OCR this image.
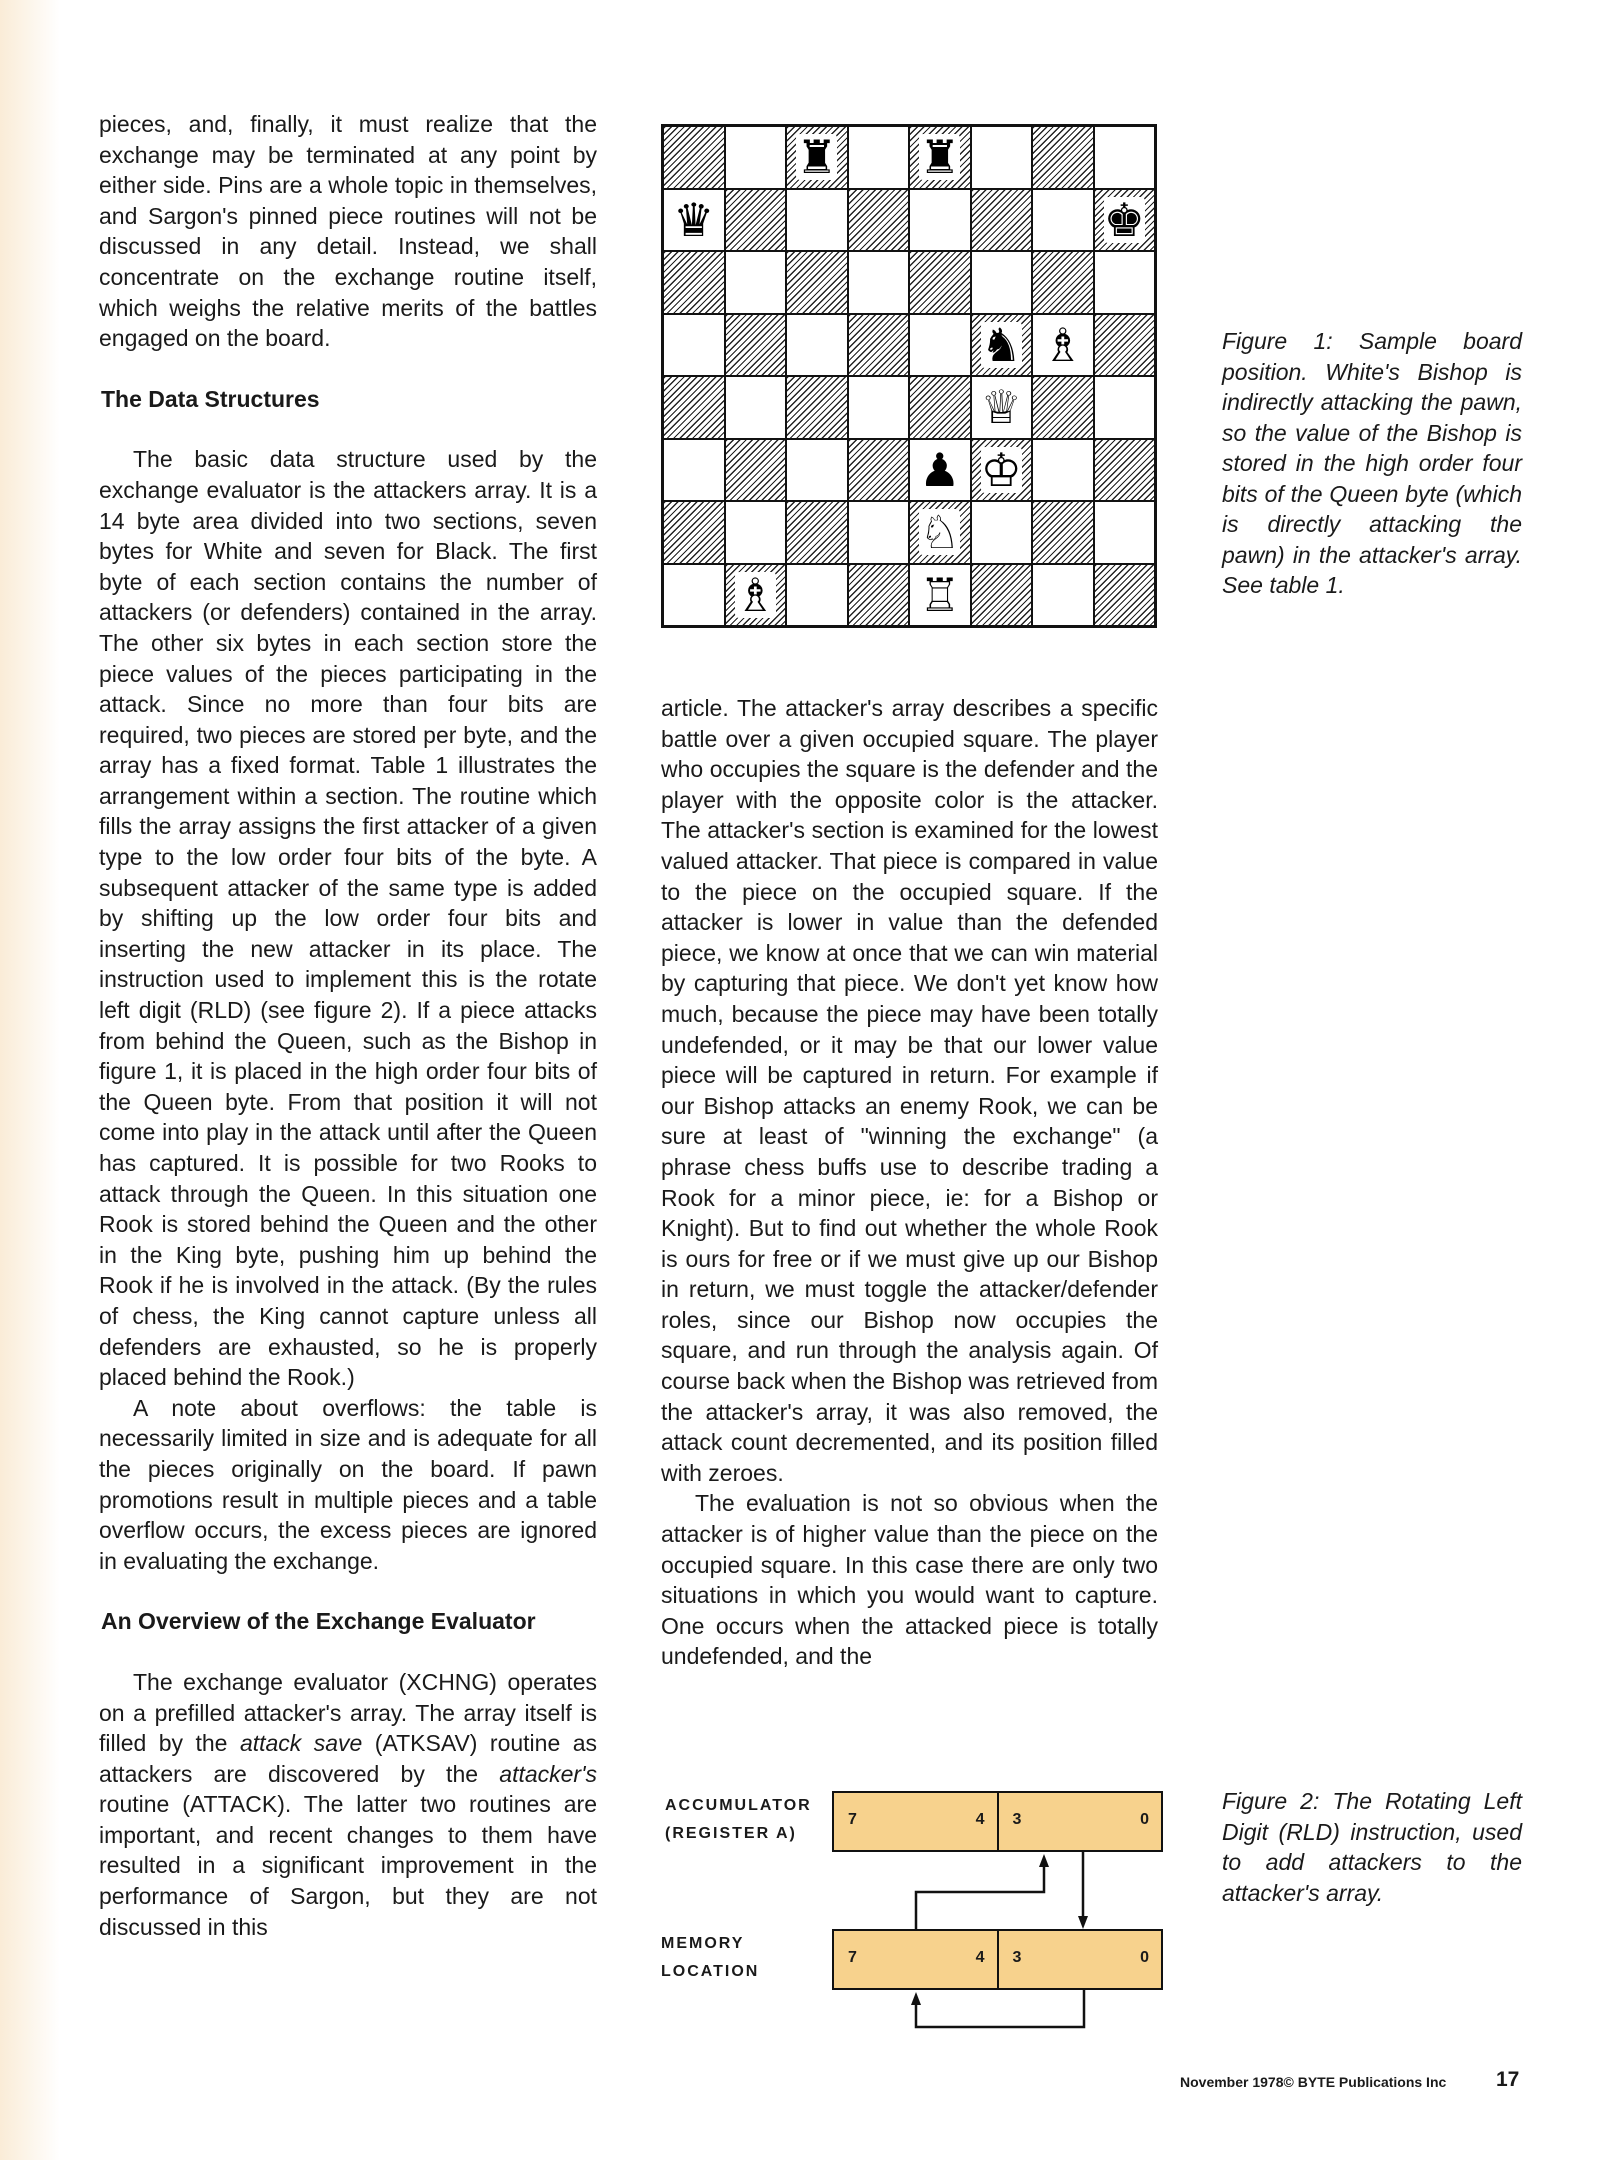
pieces, and, finally, it must realize that the exchange may be terminated at any point by either side. Pins are a whole topic in themselves, and Sargon's pinned piece routines will not be discussed in any detail. Instead, we shall concentrate on the exchange routine itself, which weighs the relative merits of the battles engaged on the board.

The Data Structures

The basic data structure used by the exchange evaluator is the attackers array. It is a 14 byte area divided into two sections, seven bytes for White and seven for Black. The first byte of each section contains the number of attackers (or defenders) contained in the array. The other six bytes in each section store the piece values of the pieces participating in the attack. Since no more than four bits are required, two pieces are stored per byte, and the array has a fixed format. Table 1 illustrates the arrangement within a section. The routine which fills the array assigns the first attacker of a given type to the low order four bits of the byte. A subsequent attacker of the same type is added by shifting up the low order four bits and inserting the new attacker in its place. The instruction used to implement this is the rotate left digit (RLD) (see figure 2). If a piece attacks from behind the Queen, such as the Bishop in figure 1, it is placed in the high order four bits of the Queen byte. From that position it will not come into play in the attack until after the Queen has captured. It is possible for two Rooks to attack through the Queen. In this situation one Rook is stored behind the Queen and the other in the King byte, pushing him up behind the Rook if he is involved in the attack. (By the rules of chess, the King cannot capture unless all defenders are exhausted, so he is properly placed behind the Rook.)

A note about overflows: the table is necessarily limited in size and is adequate for all the pieces originally on the board. If pawn promotions result in multiple pieces and a table overflow occurs, the excess pieces are ignored in evaluating the exchange.

An Overview of the Exchange Evaluator

The exchange evaluator (XCHNG) operates on a prefilled attacker's array. The array itself is filled by the attack save (ATKSAV) routine as attackers are discovered by the attacker's routine (ATTACK). The latter two routines are important, and recent changes to them have resulted in a significant improvement in the performance of Sargon, but they are not discussed in this

♜ ♜
♛	♚
♞ ♗
♕
♟ ♔
♘
♗	♖
Figure 1: Sample board position. White's Bishop is indirectly attacking the pawn, so the value of the Bishop is stored in the high order four bits of the Queen byte (which is directly attacking the pawn) in the attacker's array. See table 1.

article. The attacker's array describes a specific battle over a given occupied square. The player who occupies the square is the defender and the player with the opposite color is the attacker. The attacker's section is examined for the lowest valued attacker. That piece is compared in value to the piece on the occupied square. If the attacker is lower in value than the defended piece, we know at once that we can win material by capturing that piece. We don't yet know how much, because the piece may have been totally undefended, or it may be that our lower value piece will be captured in return. For example if our Bishop attacks an enemy Rook, we can be sure at least of "winning the exchange" (a phrase chess buffs use to describe trading a Rook for a minor piece, ie: for a Bishop or Knight). But to find out whether the whole Rook is ours for free or if we must give up our Bishop in return, we must toggle the attacker/defender roles, since our Bishop now occupies the square, and run through the analysis again. Of course back when the Bishop was retrieved from the attacker's array, it was also removed, the attack count decremented, and its position filled with zeroes.

The evaluation is not so obvious when the attacker is of higher value than the piece on the occupied square. In this case there are only two situations in which you would want to capture. One occurs when the attacked piece is totally undefended, and the

ACCUMULATOR
(REGISTER A)
MEMORY
LOCATION
7	4 3	0
7	4 3	0
Figure 2: The Rotating Left Digit (RLD) instruction, used to add attackers to the attacker's array.
November 1978© BYTE Publications Inc 17
